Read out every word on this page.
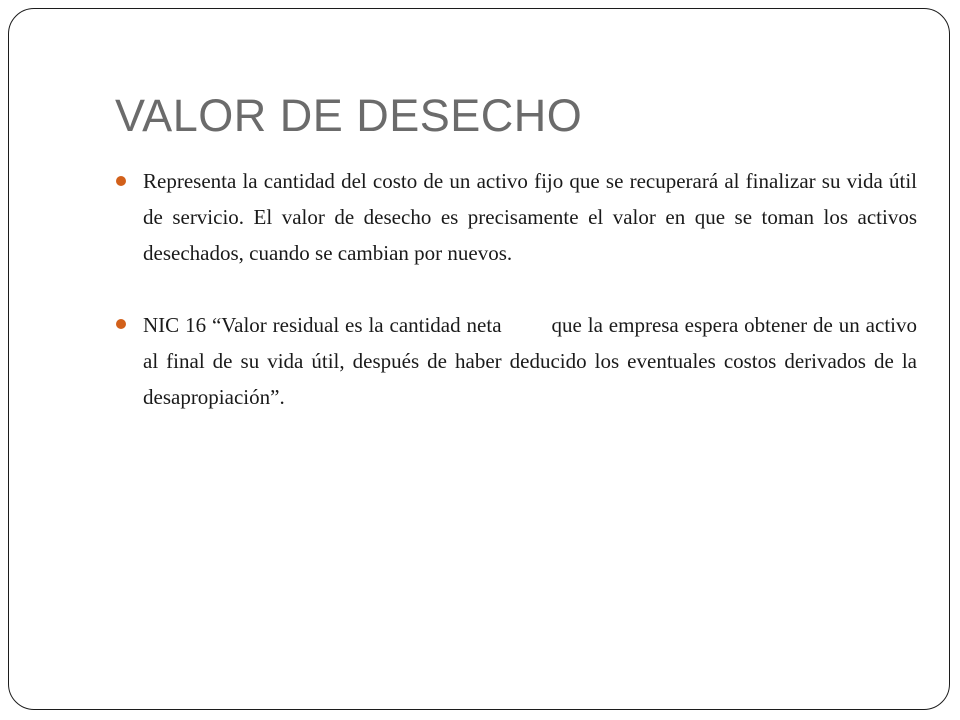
VALOR DE DESECHO

Representa la cantidad del costo de un activo fijo que se recuperará al finalizar su vida útil de servicio. El valor de desecho es precisamente el valor en que se toman los activos desechados, cuando se cambian por nuevos.

NIC 16 “Valor residual es la cantidad neta que la empresa espera obtener de un activo al final de su vida útil, después de haber deducido los eventuales costos derivados de la desapropiación”.
